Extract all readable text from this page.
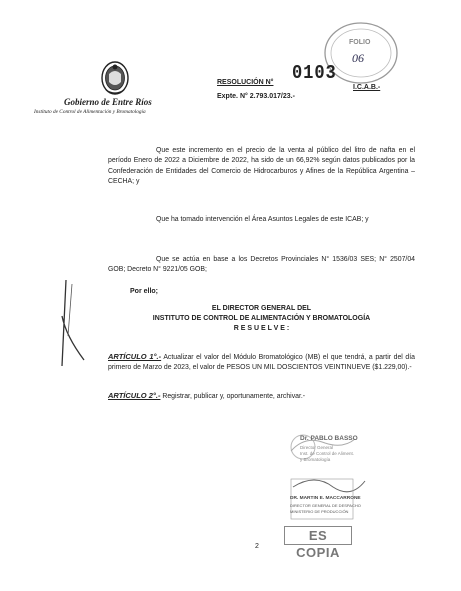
FOLIO
06
Gobierno de Entre Ríos
Instituto de Control de Alimentación y Bromatología
RESOLUCIÓN N° 0103
I.C.A.B.-
Expte. N° 2.793.017/23.-
Que este incremento en el precio de la venta al público del litro de nafta en el período Enero de 2022 a Diciembre de 2022, ha sido de un 66,92% según datos publicados por la Confederación de Entidades del Comercio de Hidrocarburos y Afines de la República Argentina – CECHA; y
Que ha tomado intervención el Área Asuntos Legales de este ICAB; y
Que se actúa en base a los Decretos Provinciales N° 1536/03 SES; N° 2507/04 GOB; Decreto N° 9221/05 GOB;
Por ello;
EL DIRECTOR GENERAL DEL
INSTITUTO DE CONTROL DE ALIMENTACIÓN Y BROMATOLOGÍA
R E S U E L V E :
ARTÍCULO 1°.- Actualizar el valor del Módulo Bromatológico (MB) el que tendrá, a partir del día primero de Marzo de 2023, el valor de PESOS UN MIL DOSCIENTOS VEINTINUEVE ($1.229,00).-
ARTÍCULO 2°.- Registrar, publicar y, oportunamente, archivar.-
Dr. PABLO BASSO
Director General
Inst. de Control de Aliment.
y Bromatología
DR. MARTIN E. MACCARRONE
DIRECTOR GENERAL DE DESPACHO
MINISTERIO DE PRODUCCIÓN
ES COPIA
2
